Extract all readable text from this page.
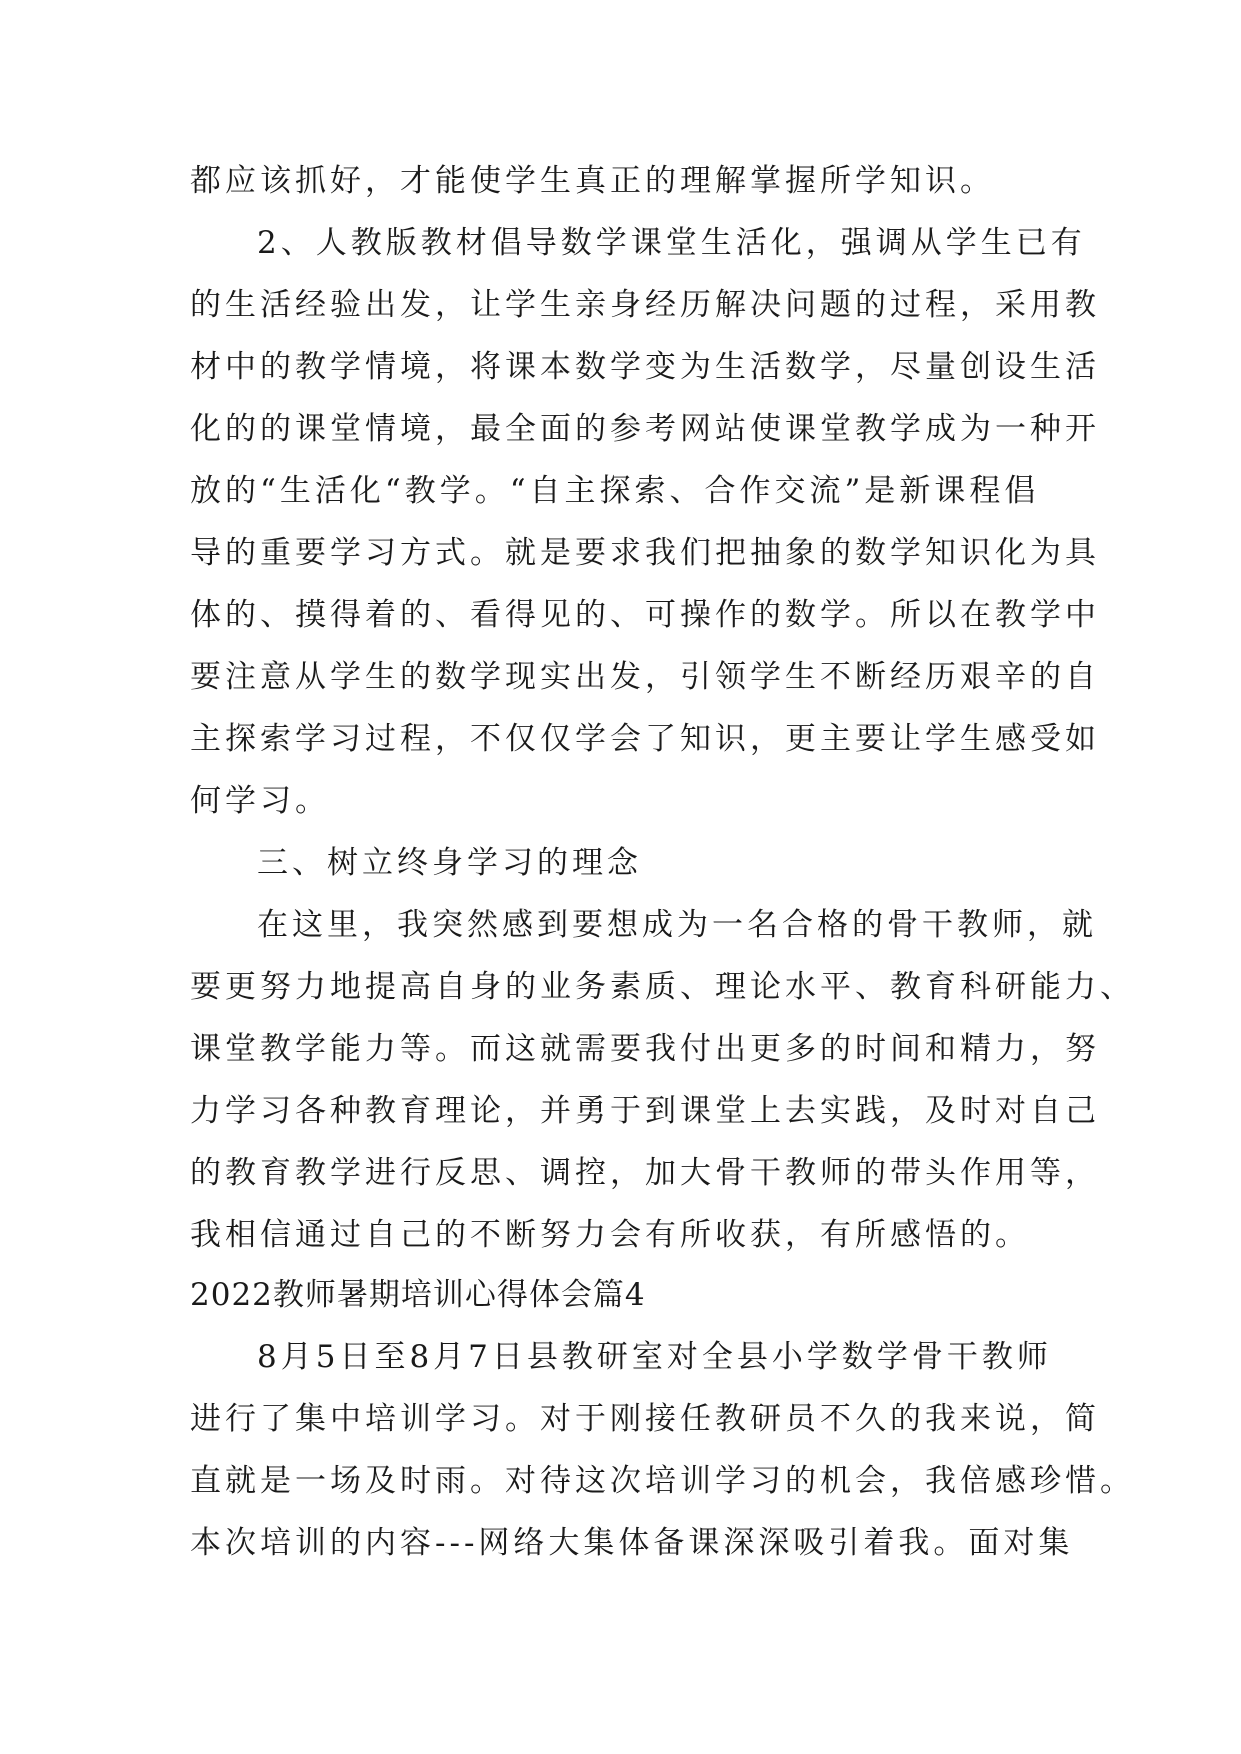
都应该抓好，才能使学生真正的理解掌握所学知识。
2、人教版教材倡导数学课堂生活化，强调从学生已有
的生活经验出发，让学生亲身经历解决问题的过程，采用教
材中的教学情境，将课本数学变为生活数学，尽量创设生活
化的的课堂情境，最全面的参考网站使课堂教学成为一种开
放的“生活化“教学。“自主探索、合作交流”是新课程倡
导的重要学习方式。就是要求我们把抽象的数学知识化为具
体的、摸得着的、看得见的、可操作的数学。所以在教学中
要注意从学生的数学现实出发，引领学生不断经历艰辛的自
主探索学习过程，不仅仅学会了知识，更主要让学生感受如
何学习。
三、树立终身学习的理念
在这里，我突然感到要想成为一名合格的骨干教师，就
要更努力地提高自身的业务素质、理论水平、教育科研能力、
课堂教学能力等。而这就需要我付出更多的时间和精力，努
力学习各种教育理论，并勇于到课堂上去实践，及时对自己
的教育教学进行反思、调控，加大骨干教师的带头作用等，
我相信通过自己的不断努力会有所收获，有所感悟的。
2022教师暑期培训心得体会篇4
8月5日至8月7日县教研室对全县小学数学骨干教师
进行了集中培训学习。对于刚接任教研员不久的我来说，简
直就是一场及时雨。对待这次培训学习的机会，我倍感珍惜。
本次培训的内容---网络大集体备课深深吸引着我。面对集
